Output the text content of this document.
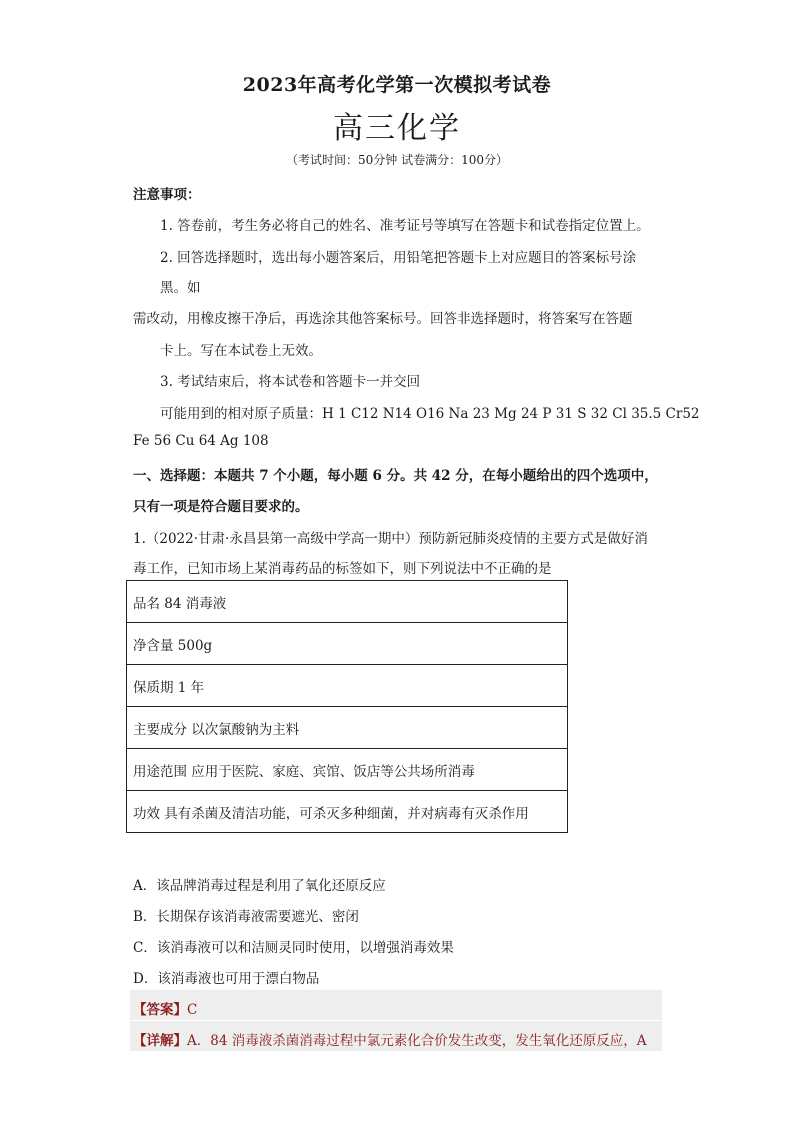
2023年高考化学第一次模拟考试卷
高三化学
（考试时间：50分钟 试卷满分：100分）
注意事项：
1. 答卷前，考生务必将自己的姓名、准考证号等填写在答题卡和试卷指定位置上。
2. 回答选择题时，选出每小题答案后，用铅笔把答题卡上对应题目的答案标号涂
黑。如
需改动，用橡皮擦干净后，再选涂其他答案标号。回答非选择题时，将答案写在答题
卡上。写在本试卷上无效。
3. 考试结束后，将本试卷和答题卡一并交回
可能用到的相对原子质量：H 1 C12 N14 O16 Na 23 Mg 24 P 31 S 32 Cl 35.5 Cr52
Fe 56 Cu 64 Ag 108
一、选择题：本题共 7 个小题，每小题 6 分。共 42 分，在每小题给出的四个选项中，
只有一项是符合题目要求的。
1.（2022·甘肃·永昌县第一高级中学高一期中）预防新冠肺炎疫情的主要方式是做好消
毒工作，已知市场上某消毒药品的标签如下，则下列说法中不正确的是
品名 84 消毒液
净含量 500g
保质期 1 年
主要成分 以次氯酸钠为主料
用途范围 应用于医院、家庭、宾馆、饭店等公共场所消毒
功效 具有杀菌及清洁功能，可杀灭多种细菌，并对病毒有灭杀作用
A．该品牌消毒过程是利用了氧化还原反应
B．长期保存该消毒液需要遮光、密闭
C．该消毒液可以和洁厕灵同时使用，以增强消毒效果
D．该消毒液也可用于漂白物品
【答案】C
【详解】A．84 消毒液杀菌消毒过程中氯元素化合价发生改变，发生氧化还原反应，A
